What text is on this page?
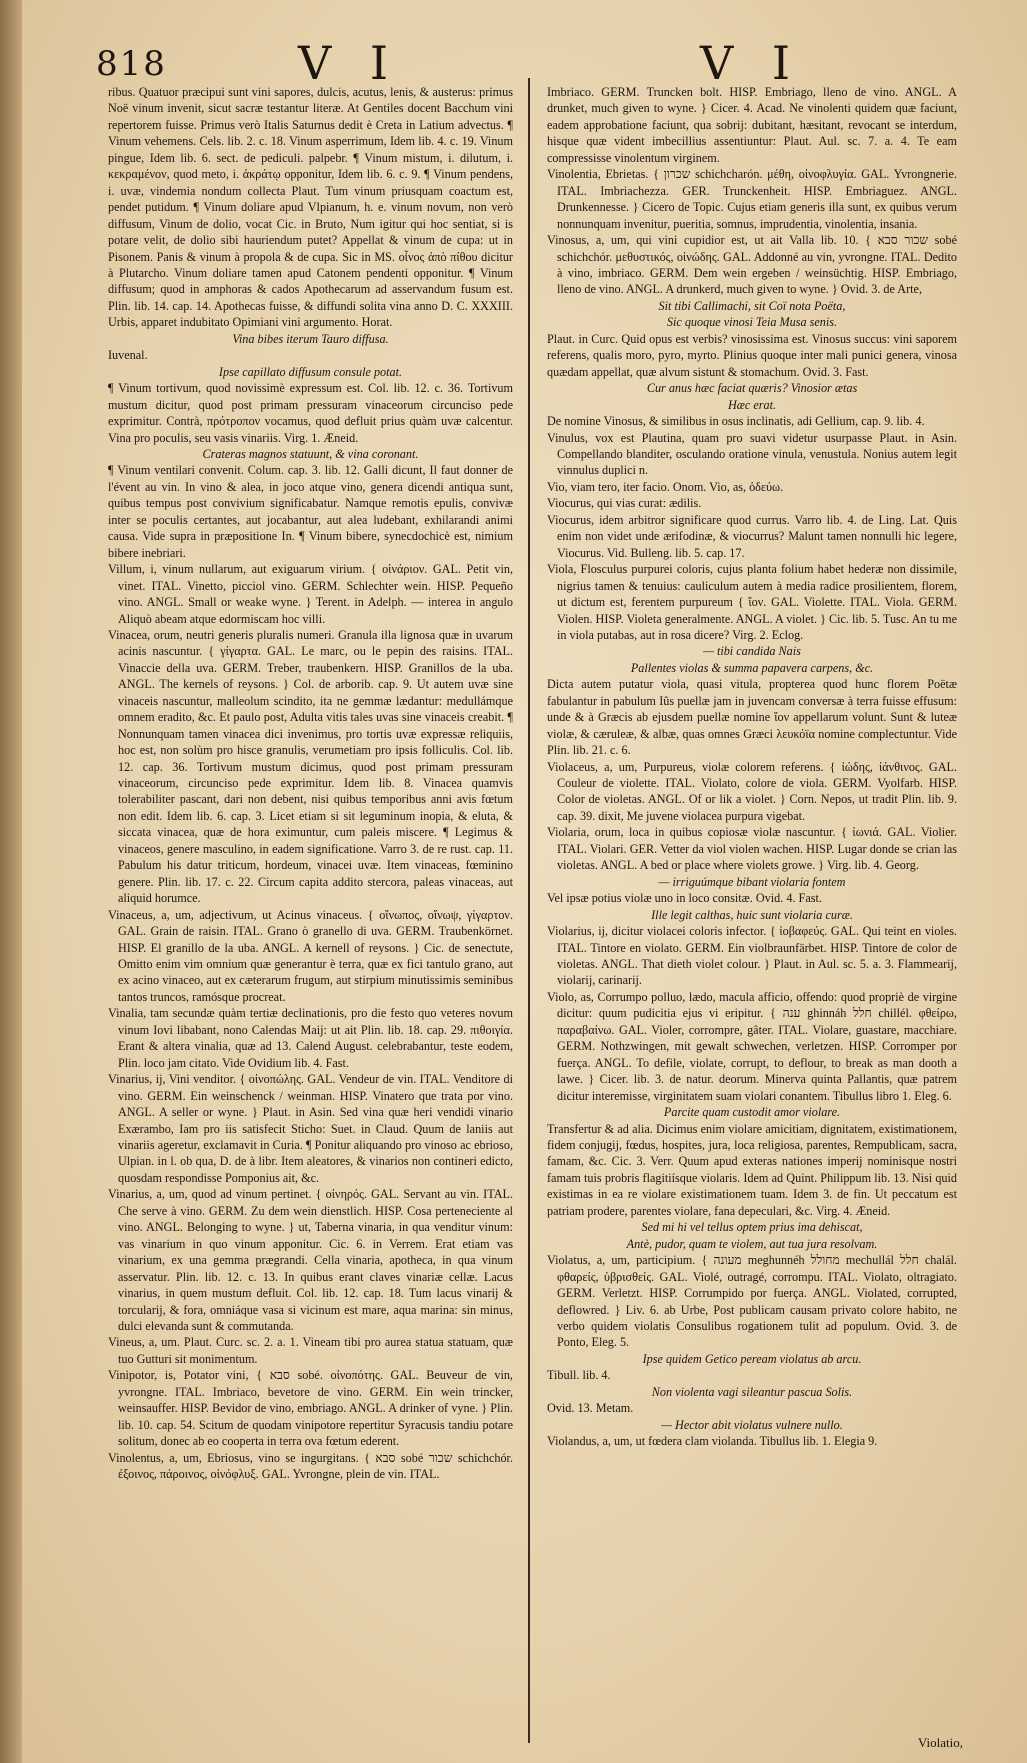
818	V I	V I

ribus. Quatuor præcipui sunt vini sapores, dulcis, acutus, lenis, & austerus: primus Noë vinum invenit, sicut sacræ testantur literæ. At Gentiles docent Bacchum vini repertorem fuisse. Primus verò Italis Saturnus dedit è Creta in Latium advectus. ¶ Vinum vehemens. Cels. lib. 2. c. 18. Vinum asperrimum, Idem lib. 4. c. 19. Vinum pingue, Idem lib. 6. sect. de pediculi. palpebr. ¶ Vinum mistum, i. dilutum, i. κεκραμένον, quod meto, i. ἀκράτῳ opponitur, Idem lib. 6. c. 9. ¶ Vinum pendens, i. uvæ, vindemia nondum collecta Plaut. Tum vinum priusquam coactum est, pendet putidum. ¶ Vinum doliare apud Vlpianum, h. e. vinum novum, non verò diffusum, Vinum de dolio, vocat Cic. in Bruto, Num igitur qui hoc sentiat, si is potare velit, de dolio sibi hauriendum putet? Appellat & vinum de cupa: ut in Pisonem. Panis & vinum à propola & de cupa. Sic in MS. οἶνος ἀπὸ πίθου dicitur à Plutarcho. Vinum doliare tamen apud Catonem pendenti opponitur. ¶ Vinum diffusum; quod in amphoras & cados Apothecarum ad asservandum fusum est. Plin. lib. 14. cap. 14. Apothecas fuisse, & diffundi solita vina anno D. C. XXXIII. Urbis, apparet indubitato Opimiani vini argumento. Horat.

Vina bibes iterum Tauro diffusa.

Iuvenal.

Ipse capillato diffusum consule potat.

¶ Vinum tortivum, quod novissimè expressum est. Col. lib. 12. c. 36. Tortivum mustum dicitur, quod post primam pressuram vinaceorum circunciso pede exprimitur. Contrà, πρότροπον vocamus, quod defluit prius quàm uvæ calcentur. Vina pro poculis, seu vasis vinariis. Virg. 1. Æneid.

Crateras magnos statuunt, & vina coronant.

¶ Vinum ventilari convenit. Colum. cap. 3. lib. 12. Galli dicunt, Il faut donner de l'évent au vin. In vino & alea, in joco atque vino, genera dicendi antiqua sunt, quibus tempus post convivium significabatur. Namque remotis epulis, convivæ inter se poculis certantes, aut jocabantur, aut alea ludebant, exhilarandi animi causa. Vide supra in præpositione In. ¶ Vinum bibere, synecdochicè est, nimium bibere inebriari.

Villum, i, vinum nullarum, aut exiguarum virium. { οἰνάριον. GAL. Petit vin, vinet. ITAL. Vinetto, picciol vino. GERM. Schlechter wein. HISP. Pequeño vino. ANGL. Small or weake wyne. } Terent. in Adelph. — interea in angulo Aliquò abeam atque edormiscam hoc villi.

Vinacea, orum, neutri generis pluralis numeri. Granula illa lignosa quæ in uvarum acinis nascuntur. { γίγαρτα. GAL. Le marc, ou le pepin des raisins. ITAL. Vinaccie della uva. GERM. Treber, traubenkern. HISP. Granillos de la uba. ANGL. The kernels of reysons. } Col. de arborib. cap. 9. Ut autem uvæ sine vinaceis nascuntur, malleolum scindito, ita ne gemmæ lædantur: medullámque omnem eradito, &c. Et paulo post, Adulta vitis tales uvas sine vinaceis creabit. ¶ Nonnunquam tamen vinacea dici invenimus, pro tortis uvæ expressæ reliquiis, hoc est, non solùm pro hisce granulis, verumetiam pro ipsis folliculis. Col. lib. 12. cap. 36. Tortivum mustum dicimus, quod post primam pressuram vinaceorum, circunciso pede exprimitur. Idem lib. 8. Vinacea quamvis tolerabiliter pascant, dari non debent, nisi quibus temporibus anni avis fœtum non edit. Idem lib. 6. cap. 3. Licet etiam si sit leguminum inopia, & eluta, & siccata vinacea, quæ de hora eximuntur, cum paleis miscere. ¶ Legimus & vinaceos, genere masculino, in eadem significatione. Varro 3. de re rust. cap. 11. Pabulum his datur triticum, hordeum, vinacei uvæ. Item vinaceas, fœminino genere. Plin. lib. 17. c. 22. Circum capita addito stercora, paleas vinaceas, aut aliquid horumce.

Vinaceus, a, um, adjectivum, ut Acinus vinaceus. { οἴνωπος, οἴνωψ, γίγαρτον. GAL. Grain de raisin. ITAL. Grano ò granello di uva. GERM. Traubenkörnet. HISP. El granillo de la uba. ANGL. A kernell of reysons. } Cic. de senectute, Omitto enim vim omnium quæ generantur è terra, quæ ex fici tantulo grano, aut ex acino vinaceo, aut ex cæterarum frugum, aut stirpium minutissimis seminibus tantos truncos, ramósque procreat.

Vinalia, tam secundæ quàm tertiæ declinationis, pro die festo quo veteres novum vinum Iovi libabant, nono Calendas Maij: ut ait Plin. lib. 18. cap. 29. πιθοιγία. Erant & altera vinalia, quæ ad 13. Calend August. celebrabantur, teste eodem, Plin. loco jam citato. Vide Ovidium lib. 4. Fast.

Vinarius, ij, Vini venditor. { οἰνοπώλης. GAL. Vendeur de vin. ITAL. Venditore di vino. GERM. Ein weinschenck / weinman. HISP. Vinatero que trata por vino. ANGL. A seller or wyne. } Plaut. in Asin. Sed vina quæ heri vendidi vinario Exærambo, Iam pro iis satisfecit Sticho: Suet. in Claud. Quum de laniis aut vinariis ageretur, exclamavit in Curia. ¶ Ponitur aliquando pro vinoso ac ebrioso, Ulpian. in l. ob qua, D. de à libr. Item aleatores, & vinarios non contineri edicto, quosdam respondisse Pomponius ait, &c.

Vinarius, a, um, quod ad vinum pertinet. { οἰνηρός. GAL. Servant au vin. ITAL. Che serve à vino. GERM. Zu dem wein dienstlich. HISP. Cosa perteneciente al vino. ANGL. Belonging to wyne. } ut, Taberna vinaria, in qua venditur vinum: vas vinarium in quo vinum apponitur. Cic. 6. in Verrem. Erat etiam vas vinarium, ex una gemma prægrandi. Cella vinaria, apotheca, in qua vinum asservatur. Plin. lib. 12. c. 13. In quibus erant claves vinariæ cellæ. Lacus vinarius, in quem mustum defluit. Col. lib. 12. cap. 18. Tum lacus vinarij & torcularij, & fora, omniáque vasa si vicinum est mare, aqua marina: sin minus, dulci elevanda sunt & commutanda.

Vineus, a, um. Plaut. Curc. sc. 2. a. 1. Vineam tibi pro aurea statua statuam, quæ tuo Gutturi sit monimentum.

Vinipotor, is, Potator vini, { סבא sobé. οἰνοπότης. GAL. Beuveur de vin, yvrongne. ITAL. Imbriaco, bevetore de vino. GERM. Ein wein trincker, weinsauffer. HISP. Bevidor de vino, embriago. ANGL. A drinker of vyne. } Plin. lib. 10. cap. 54. Scitum de quodam vinipotore repertitur Syracusis tandiu potare solitum, donec ab eo cooperta in terra ova fœtum ederent.

Vinolentus, a, um, Ebriosus, vino se ingurgitans. { סבא sobé שכור schichchór. ἐξοινος, πάροινος, οἰνόφλυξ. GAL. Yvrongne, plein de vin. ITAL.

Imbriaco. GERM. Truncken bolt. HISP. Embriago, lleno de vino. ANGL. A drunket, much given to wyne. } Cicer. 4. Acad. Ne vinolenti quidem quæ faciunt, eadem approbatione faciunt, qua sobrij: dubitant, hæsitant, revocant se interdum, hisque quæ vident imbecillius assentiuntur: Plaut. Aul. sc. 7. a. 4. Te eam compressisse vinolentum virginem.

Vinolentia, Ebrietas. { שכרון schichcharón. μέθη, οἰνοφλυγία. GAL. Yvrongnerie. ITAL. Imbriachezza. GER. Trunckenheit. HISP. Embriaguez. ANGL. Drunkennesse. } Cicero de Topic. Cujus etiam generis illa sunt, ex quibus verum nonnunquam invenitur, pueritia, somnus, imprudentia, vinolentia, insania.

Vinosus, a, um, qui vini cupidior est, ut ait Valla lib. 10. { שכור סבא sobé schichchór. μεθυστικός, οἰνώδης. GAL. Addonné au vin, yvrongne. ITAL. Dedito à vino, imbriaco. GERM. Dem wein ergeben / weinsüchtig. HISP. Embriago, lleno de vino. ANGL. A drunkerd, much given to wyne. } Ovid. 3. de Arte,

Sit tibi Callimachi, sit Coï nota Poëta,

Sic quoque vinosi Teia Musa senis.

Plaut. in Curc. Quid opus est verbis? vinosissima est. Vinosus succus: vini saporem referens, qualis moro, pyro, myrto. Plinius quoque inter mali punici genera, vinosa quædam appellat, quæ alvum sistunt & stomachum. Ovid. 3. Fast.

Cur anus hæc faciat quæris? Vinosior ætas

Hæc erat.

De nomine Vinosus, & similibus in osus inclinatis, adi Gellium, cap. 9. lib. 4.

Vinulus, vox est Plautina, quam pro suavi videtur usurpasse Plaut. in Asin. Compellando blanditer, osculando oratione vinula, venustula. Nonius autem legit vinnulus duplici n.

Vio, viam tero, iter facio. Onom. Vio, as, ὁδεύω.

Viocurus, qui vias curat: ædilis.

Viocurus, idem arbitror significare quod currus. Varro lib. 4. de Ling. Lat. Quis enim non videt unde ærifodinæ, & viocurrus? Malunt tamen nonnulli hic legere, Viocurus. Vid. Bulleng. lib. 5. cap. 17.

Viola, Flosculus purpurei coloris, cujus planta folium habet hederæ non dissimile, nigrius tamen & tenuius: cauliculum autem à media radice prosilientem, florem, ut dictum est, ferentem purpureum { ἴον. GAL. Violette. ITAL. Viola. GERM. Violen. HISP. Violeta generalmente. ANGL. A violet. } Cic. lib. 5. Tusc. An tu me in viola putabas, aut in rosa dicere? Virg. 2. Eclog.

— tibi candida Nais

Pallentes violas & summa papavera carpens, &c.

Dicta autem putatur viola, quasi vitula, propterea quod hunc florem Poëtæ fabulantur in pabulum Iûs puellæ jam in juvencam conversæ à terra fuisse effusum: unde & à Græcis ab ejusdem puellæ nomine ἴον appellarum volunt. Sunt & luteæ violæ, & cæruleæ, & albæ, quas omnes Græci λευκόϊα nomine complectuntur. Vide Plin. lib. 21. c. 6.

Violaceus, a, um, Purpureus, violæ colorem referens. { ἰώδης, ἰάνθινος. GAL. Couleur de violette. ITAL. Violato, colore de viola. GERM. Vyolfarb. HISP. Color de violetas. ANGL. Of or lik a violet. } Corn. Nepos, ut tradit Plin. lib. 9. cap. 39. dixit, Me juvene violacea purpura vigebat.

Violaria, orum, loca in quibus copiosæ violæ nascuntur. { ἰωνιά. GAL. Violier. ITAL. Violari. GER. Vetter da viol violen wachen. HISP. Lugar donde se crian las violetas. ANGL. A bed or place where violets growe. } Virg. lib. 4. Georg.

— irriguúmque bibant violaria fontem

Vel ipsæ potius violæ uno in loco consitæ. Ovid. 4. Fast.

Ille legit calthas, huic sunt violaria curæ.

Violarius, ij, dicitur violacei coloris infector. { ἰοβαφεύς. GAL. Qui teint en violes. ITAL. Tintore en violato. GERM. Ein violbraunfärbet. HISP. Tintore de color de violetas. ANGL. That dieth violet colour. } Plaut. in Aul. sc. 5. a. 3. Flammearij, violarij, carinarij.

Violo, as, Corrumpo polluo, lædo, macula afficio, offendo: quod propriè de virgine dicitur: quum pudicitia ejus vi eripitur. { ענה ghinnáh חלל chillél. φθείρω, παραβαίνω. GAL. Violer, corrompre, gâter. ITAL. Violare, guastare, macchiare. GERM. Nothzwingen, mit gewalt schwechen, verletzen. HISP. Corromper por fuerça. ANGL. To defile, violate, corrupt, to deflour, to break as man dooth a lawe. } Cicer. lib. 3. de natur. deorum. Minerva quinta Pallantis, quæ patrem dicitur interemisse, virginitatem suam violari conantem. Tibullus libro 1. Eleg. 6.

Parcite quam custodit amor violare.

Transfertur & ad alia. Dicimus enim violare amicitiam, dignitatem, existimationem, fidem conjugij, fœdus, hospites, jura, loca religiosa, parentes, Rempublicam, sacra, famam, &c. Cic. 3. Verr. Quum apud exteras nationes imperij nominisque nostri famam tuis probris flagitiísque violaris. Idem ad Quint. Philippum lib. 13. Nisi quid existimas in ea re violare existimationem tuam. Idem 3. de fin. Ut peccatum est patriam prodere, parentes violare, fana depeculari, &c. Virg. 4. Æneid.

Sed mi hi vel tellus optem prius ima dehiscat,

Antè, pudor, quam te violem, aut tua jura resolvam.

Violatus, a, um, participium. { מעונה meghunnéh מחולל mechullál חלל chalál. φθαρείς, ὑβρισθείς. GAL. Violé, outragé, corrompu. ITAL. Violato, oltragiato. GERM. Verletzt. HISP. Corrumpido por fuerça. ANGL. Violated, corrupted, deflowred. } Liv. 6. ab Urbe, Post publicam causam privato colore habito, ne verbo quidem violatis Consulibus rogationem tulit ad populum. Ovid. 3. de Ponto, Eleg. 5.

Ipse quidem Getico peream violatus ab arcu.

Tibull. lib. 4.

Non violenta vagi sileantur pascua Solis.

Ovid. 13. Metam.

— Hector abit violatus vulnere nullo.

Violandus, a, um, ut fœdera clam violanda. Tibullus lib. 1. Elegia 9.

Violatio,
